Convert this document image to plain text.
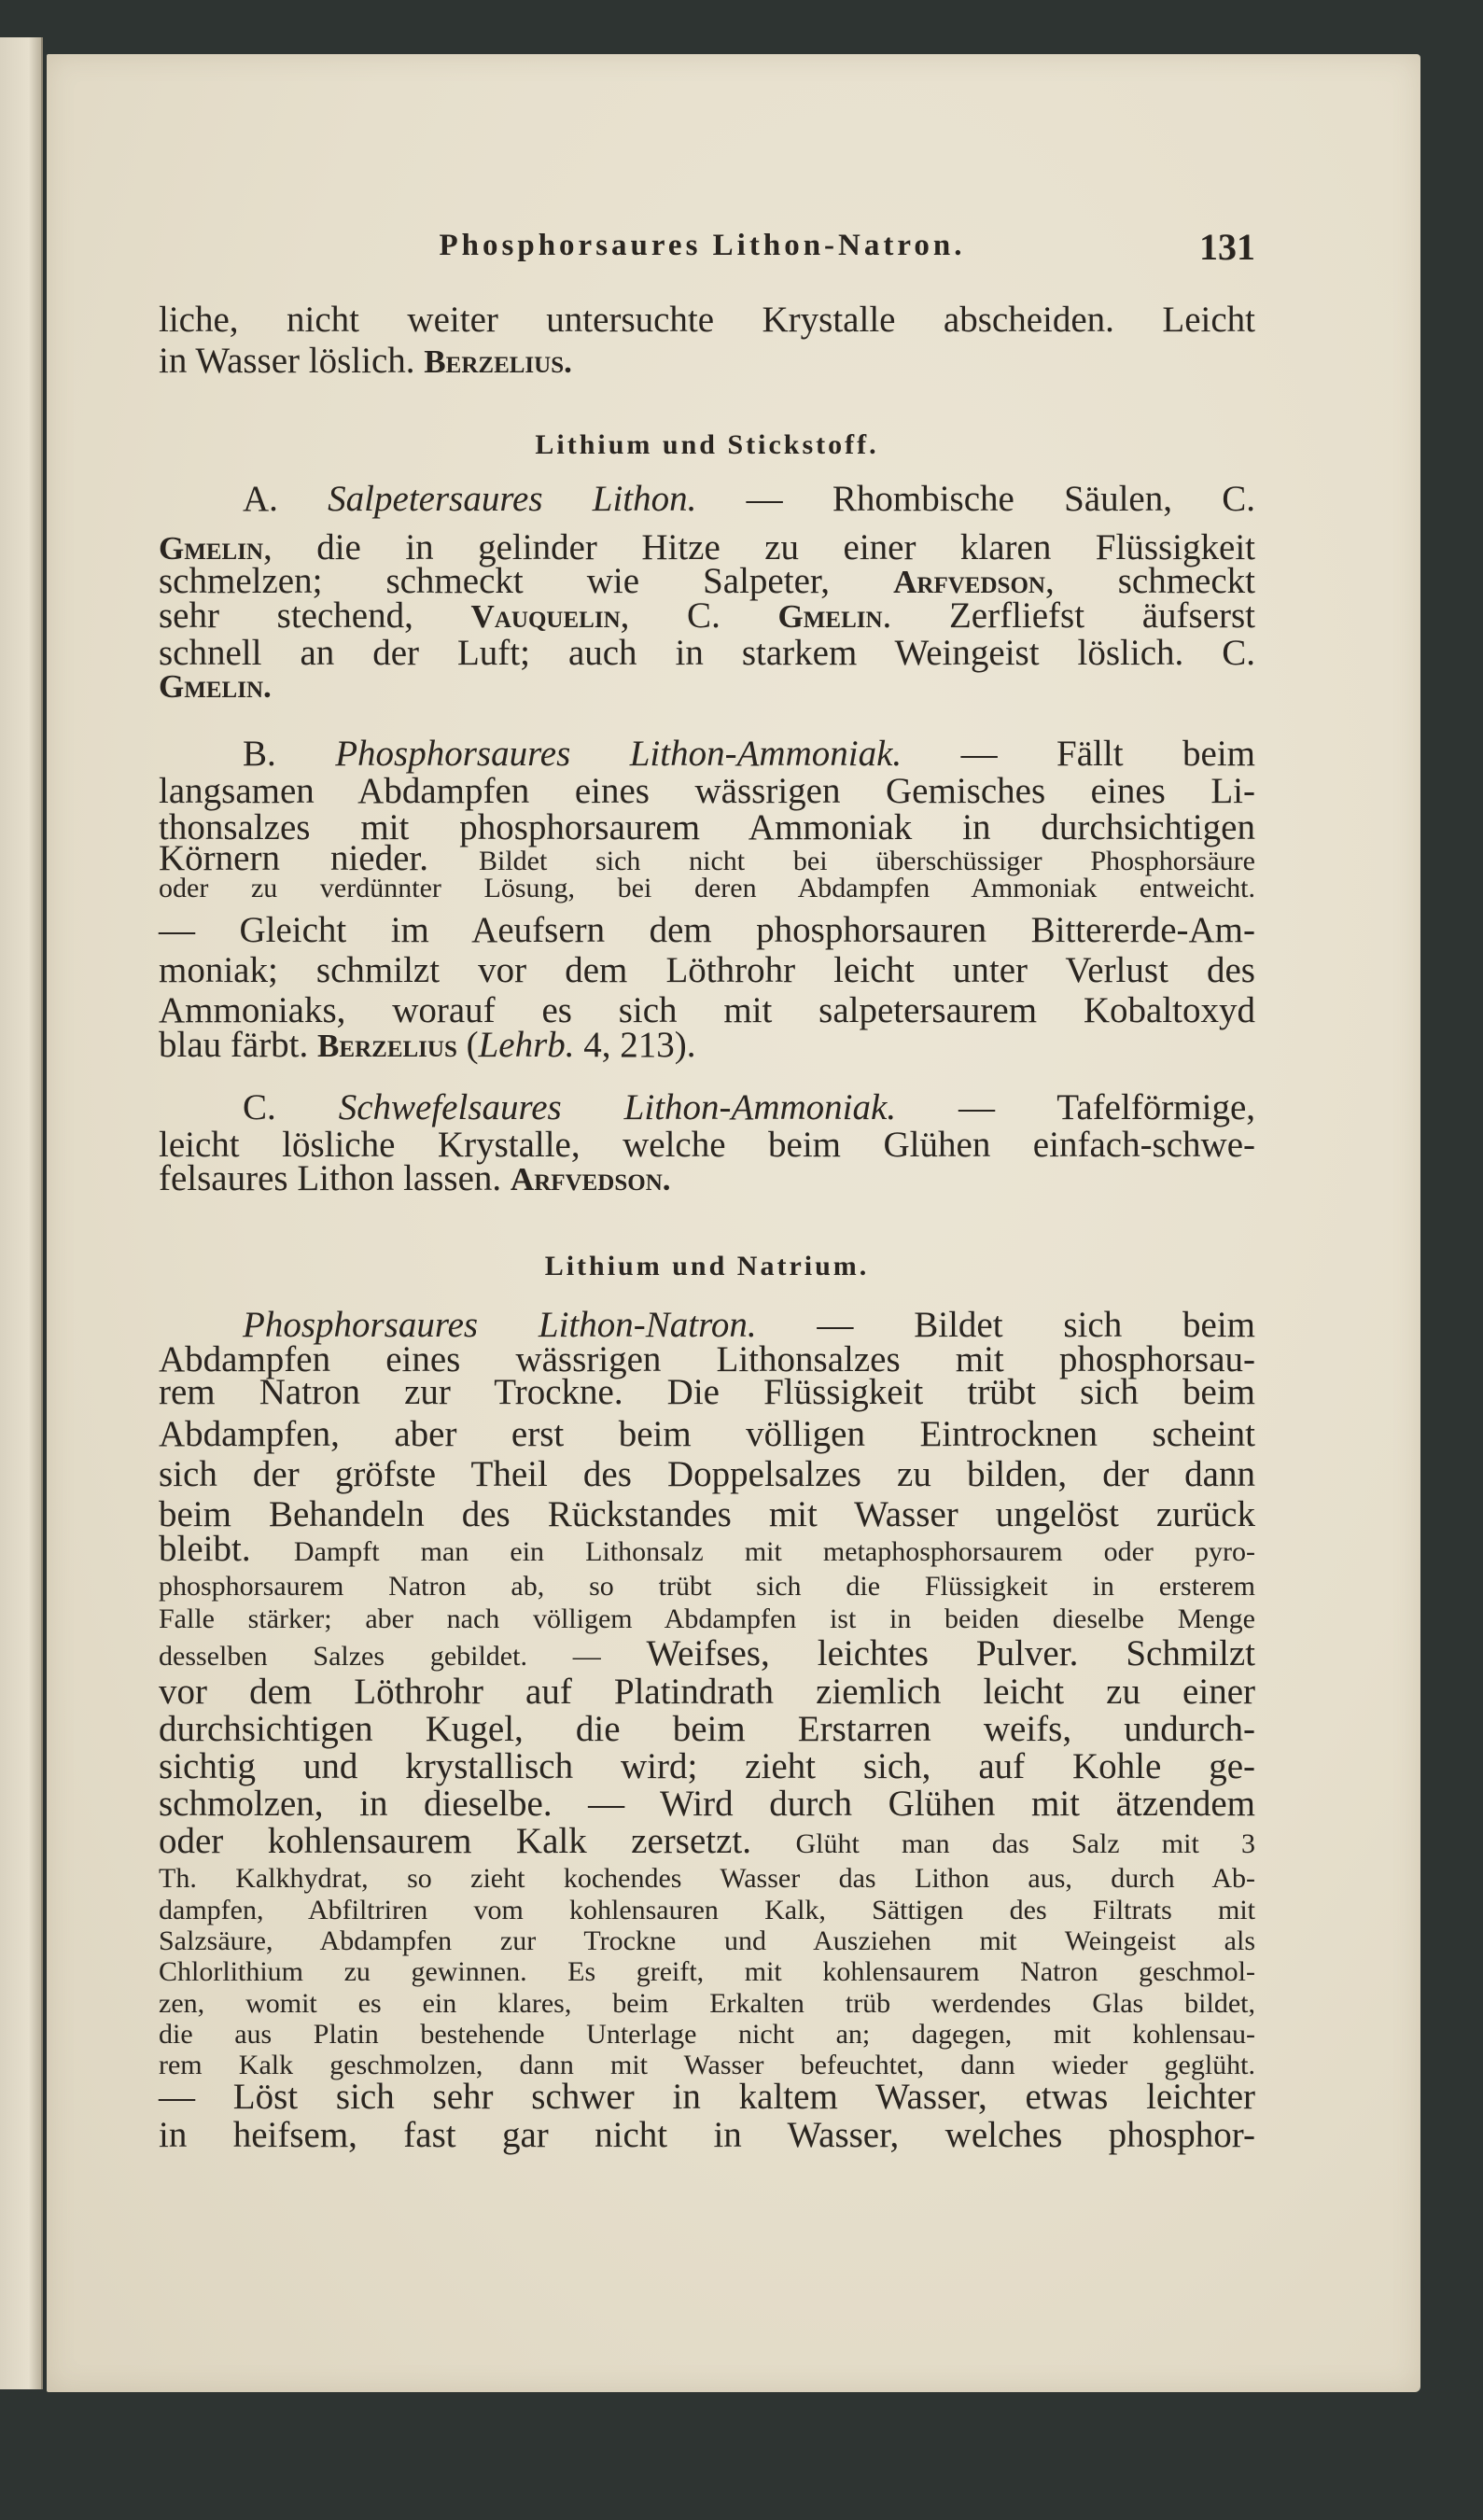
Phosphorsaures Lithon-Natron.	131
liche, nicht weiter untersuchte Krystalle abscheiden. Leicht
in Wasser löslich. Berzelius.
Lithium und Stickstoff.
A. Salpetersaures Lithon. — Rhombische Säulen, C.
Gmelin, die in gelinder Hitze zu einer klaren Flüssigkeit
schmelzen; schmeckt wie Salpeter, Arfvedson, schmeckt
sehr stechend, Vauquelin, C. Gmelin. Zerfliefst äufserst
schnell an der Luft; auch in starkem Weingeist löslich. C.
Gmelin.
B. Phosphorsaures Lithon-Ammoniak. — Fällt beim
langsamen Abdampfen eines wässrigen Gemisches eines Li-
thonsalzes mit phosphorsaurem Ammoniak in durchsichtigen
Körnern nieder. Bildet sich nicht bei überschüssiger Phosphorsäure
oder zu verdünnter Lösung, bei deren Abdampfen Ammoniak entweicht.
— Gleicht im Aeufsern dem phosphorsauren Bittererde-Am-
moniak; schmilzt vor dem Löthrohr leicht unter Verlust des
Ammoniaks, worauf es sich mit salpetersaurem Kobaltoxyd
blau färbt. Berzelius (Lehrb. 4, 213).
C. Schwefelsaures Lithon-Ammoniak. — Tafelförmige,
leicht lösliche Krystalle, welche beim Glühen einfach-schwe-
felsaures Lithon lassen. Arfvedson.
Lithium und Natrium.
Phosphorsaures Lithon-Natron. — Bildet sich beim
Abdampfen eines wässrigen Lithonsalzes mit phosphorsau-
rem Natron zur Trockne. Die Flüssigkeit trübt sich beim
Abdampfen, aber erst beim völligen Eintrocknen scheint
sich der gröfste Theil des Doppelsalzes zu bilden, der dann
beim Behandeln des Rückstandes mit Wasser ungelöst zurück
bleibt. Dampft man ein Lithonsalz mit metaphosphorsaurem oder pyro-
phosphorsaurem Natron ab, so trübt sich die Flüssigkeit in ersterem
Falle stärker; aber nach völligem Abdampfen ist in beiden dieselbe Menge
desselben Salzes gebildet. — Weifses, leichtes Pulver. Schmilzt
vor dem Löthrohr auf Platindrath ziemlich leicht zu einer
durchsichtigen Kugel, die beim Erstarren weifs, undurch-
sichtig und krystallisch wird; zieht sich, auf Kohle ge-
schmolzen, in dieselbe. — Wird durch Glühen mit ätzendem
oder kohlensaurem Kalk zersetzt. Glüht man das Salz mit 3
Th. Kalkhydrat, so zieht kochendes Wasser das Lithon aus, durch Ab-
dampfen, Abfiltriren vom kohlensauren Kalk, Sättigen des Filtrats mit
Salzsäure, Abdampfen zur Trockne und Ausziehen mit Weingeist als
Chlorlithium zu gewinnen. Es greift, mit kohlensaurem Natron geschmol-
zen, womit es ein klares, beim Erkalten trüb werdendes Glas bildet,
die aus Platin bestehende Unterlage nicht an; dagegen, mit kohlensau-
rem Kalk geschmolzen, dann mit Wasser befeuchtet, dann wieder geglüht.
— Löst sich sehr schwer in kaltem Wasser, etwas leichter
in heifsem, fast gar nicht in Wasser, welches phosphor-
